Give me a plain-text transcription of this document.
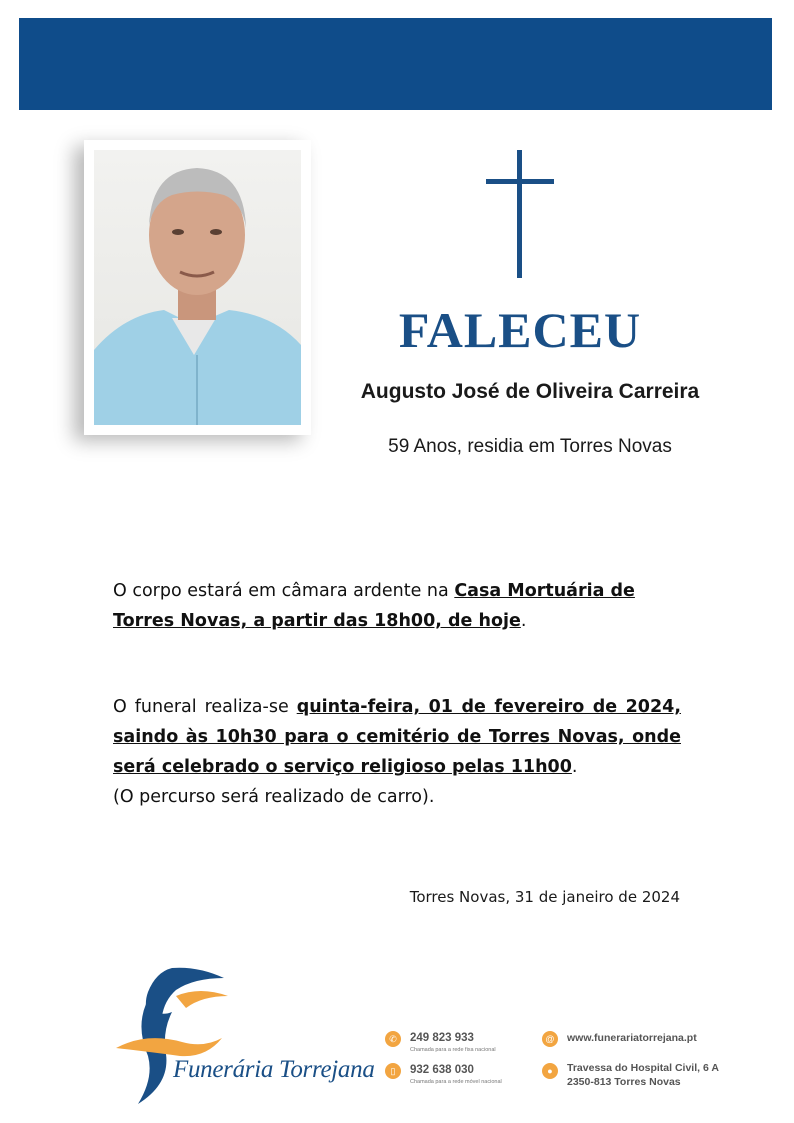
FALECEU
Augusto José de Oliveira Carreira
59 Anos, residia em Torres Novas
O corpo estará em câmara ardente na Casa Mortuária de Torres Novas, a partir das 18h00, de hoje.
O funeral realiza-se quinta-feira, 01 de fevereiro de 2024, saindo às 10h30 para o cemitério de Torres Novas, onde será celebrado o serviço religioso pelas 11h00.
(O percurso será realizado de carro).
Torres Novas, 31 de janeiro de 2024
Funerária Torrejana
✆	249 823 933
Chamada para a rede fixa nacional
▯	932 638 030
Chamada para a rede móvel nacional
@	www.funerariatorrejana.pt
●	Travessa do Hospital Civil, 6 A
2350-813 Torres Novas
